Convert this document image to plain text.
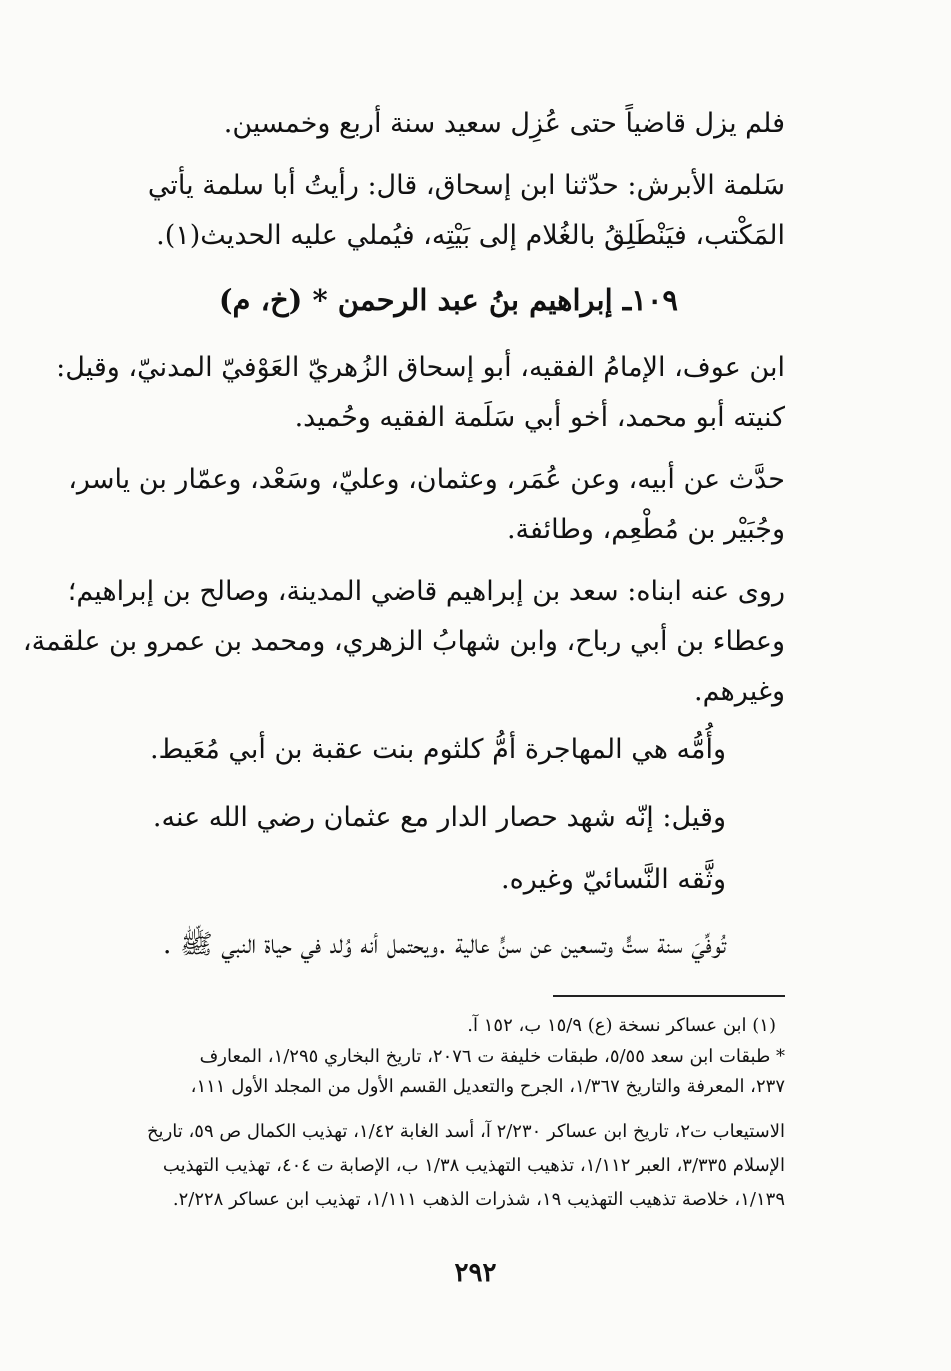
فلم يزل قاضياً حتى عُزِل سعيد سنة أربع وخمسين.

سَلمة الأبرش: حدّثنا ابن إسحاق، قال: رأيتُ أبا سلمة يأتي

المَكْتب، فيَنْطَلِقُ بالغُلام إلى بَيْتِه، فيُملي عليه الحديث(١).

١٠٩ـ إبراهيم بنُ عبد الرحمن * (خ، م)

ابن عوف، الإمامُ الفقيه، أبو إسحاق الزُهريّ العَوْفيّ المدنيّ، وقيل:

كنيته أبو محمد، أخو أبي سَلَمة الفقيه وحُميد.

حدَّث عن أبيه، وعن عُمَر، وعثمان، وعليّ، وسَعْد، وعمّار بن ياسر،

وجُبَيْر بن مُطْعِم، وطائفة.

روى عنه ابناه: سعد بن إبراهيم قاضي المدينة، وصالح بن إبراهيم؛

وعطاء بن أبي رباح، وابن شهابُ الزهري، ومحمد بن عمرو بن علقمة،

وغيرهم.

وأُمُّه هي المهاجرة أمُّ كلثوم بنت عقبة بن أبي مُعَيط.

وقيل: إنّه شهد حصار الدار مع عثمان رضي الله عنه.

وثَّقه النَّسائيّ وغيره.

تُوفِّيَ سنة ستٍّ وتسعين عن سنٍّ عالية .ويحتمل أنه وُلد في حياة النبي ﷺ .

(١) ابن عساكر نسخة (ع) ١٥/٩ ب، ١٥٢ آ.

* طبقات ابن سعد ٥/٥٥، طبقات خليفة ت ٢٠٧٦، تاريخ البخاري ١/٢٩٥، المعارف

٢٣٧، المعرفة والتاريخ ١/٣٦٧، الجرح والتعديل القسم الأول من المجلد الأول ١١١،

الاستيعاب ت٢، تاريخ ابن عساكر ٢/٢٣٠ آ، أسد الغابة ١/٤٢، تهذيب الكمال ص ٥٩، تاريخ

الإسلام ٣/٣٣٥، العبر ١/١١٢، تذهيب التهذيب ١/٣٨ ب، الإصابة ت ٤٠٤، تهذيب التهذيب

١/١٣٩، خلاصة تذهيب التهذيب ١٩، شذرات الذهب ١/١١١، تهذيب ابن عساكر ٢/٢٢٨.

٢٩٢
